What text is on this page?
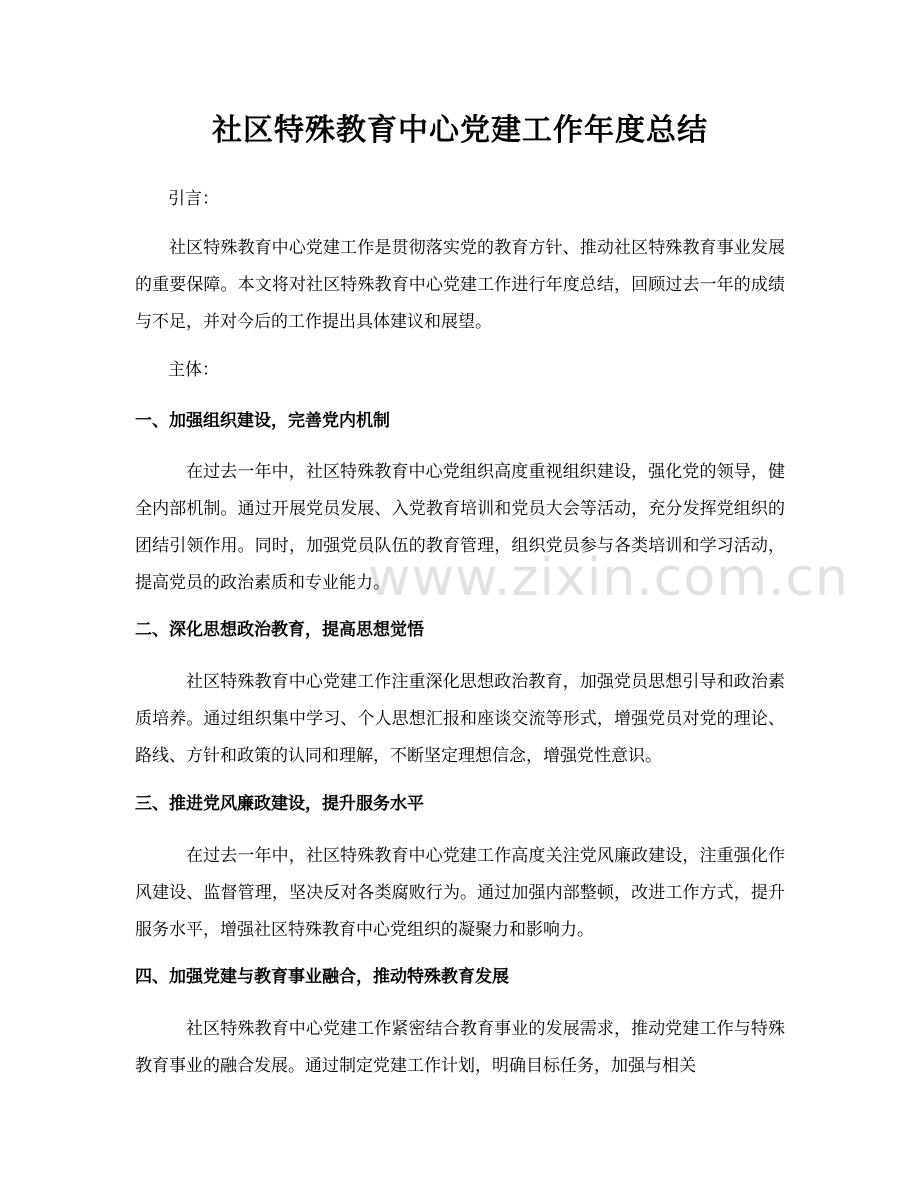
www.zixin.com.cn
社区特殊教育中心党建工作年度总结
引言：

社区特殊教育中心党建工作是贯彻落实党的教育方针、推动社区特殊教育事业发展的重要保障。本文将对社区特殊教育中心党建工作进行年度总结，回顾过去一年的成绩与不足，并对今后的工作提出具体建议和展望。

主体：
一、加强组织建设，完善党内机制

在过去一年中，社区特殊教育中心党组织高度重视组织建设，强化党的领导，健全内部机制。通过开展党员发展、入党教育培训和党员大会等活动，充分发挥党组织的团结引领作用。同时，加强党员队伍的教育管理，组织党员参与各类培训和学习活动，提高党员的政治素质和专业能力。

二、深化思想政治教育，提高思想觉悟

社区特殊教育中心党建工作注重深化思想政治教育，加强党员思想引导和政治素质培养。通过组织集中学习、个人思想汇报和座谈交流等形式，增强党员对党的理论、路线、方针和政策的认同和理解，不断坚定理想信念，增强党性意识。

三、推进党风廉政建设，提升服务水平

在过去一年中，社区特殊教育中心党建工作高度关注党风廉政建设，注重强化作风建设、监督管理，坚决反对各类腐败行为。通过加强内部整顿，改进工作方式，提升服务水平，增强社区特殊教育中心党组织的凝聚力和影响力。

四、加强党建与教育事业融合，推动特殊教育发展

社区特殊教育中心党建工作紧密结合教育事业的发展需求，推动党建工作与特殊教育事业的融合发展。通过制定党建工作计划，明确目标任务，加强与相关
